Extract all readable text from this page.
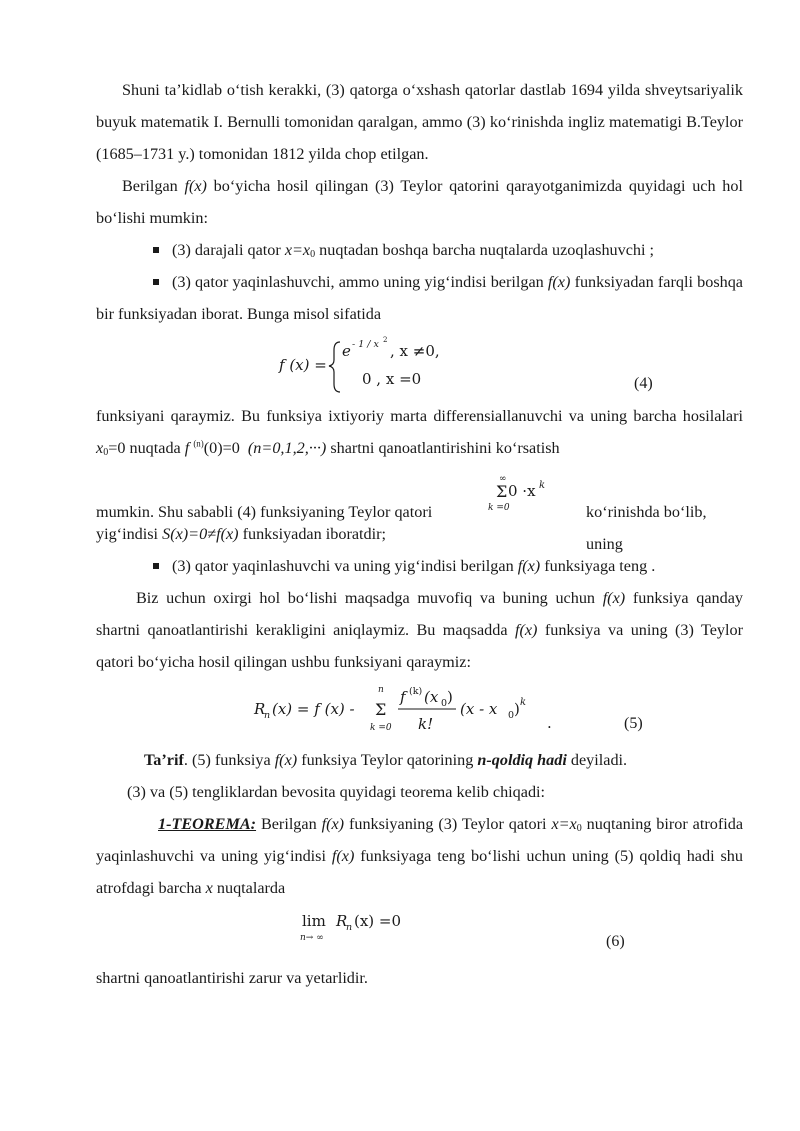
Shuni ta’kidlab o‘tish kerakki, (3) qatorga o‘xshash qatorlar dastlab 1694 yilda shveytsariyalik buyuk matematik I. Bernulli tomonidan qaralgan, ammo (3) ko‘rinishda ingliz matematigi B.Teylor (1685–1731 y.) tomonidan 1812 yilda chop etilgan.

Berilgan f(x) bo‘yicha hosil qilingan (3) Teylor qatorini qarayotganimizda quyidagi uch hol bo‘lishi mumkin:

(3) darajali qator $x=x_0$ nuqtadan boshqa barcha nuqtalarda uzoqlashuvchi ;

(3) qator yaqinlashuvchi, ammo uning yig‘indisi berilgan f(x) funksiyadan farqli boshqa bir funksiyadan iborat. Bunga misol sifatida

f (x) =
e - 1 / x 2
, x ≠0,
0 , x =0	(4)

funksiyani qaraymiz. Bu funksiya ixtiyoriy marta differensiallanuvchi va uning barcha hosilalari $x_0=0$ nuqtada f $^{(n)}$(0)=0 (n=0,1,2,···) shartni qanoatlantirishini ko‘rsatish

mumkin. Shu sababli (4) funksiyaning Teylor qatori
∞
Σ 0 ·x k
k =0	ko‘rinishda bo‘lib, uning

yig‘indisi S(x)=0≠f(x) funksiyadan iboratdir;

(3) qator yaqinlashuvchi va uning yig‘indisi berilgan f(x) funksiyaga teng .

Biz uchun oxirgi hol bo‘lishi maqsadga muvofiq va buning uchun f(x) funksiya qanday shartni qanoatlantirishi kerakligini aniqlaymiz. Bu maqsadda f(x) funksiya va uning (3) Teylor qatori bo‘yicha hosil qilingan ushbu funksiyani qaraymiz:

R
n (x) = f (x) -
n
Σ
k =0
f (k) (x 0 )
k!
(x - x 0 ) k
.	(5)

Ta’rif. (5) funksiya f(x) funksiya Teylor qatorining n-qoldiq hadi deyiladi.

(3) va (5) tengliklardan bevosita quyidagi teorema kelib chiqadi:

1-TEOREMA: Berilgan f(x) funksiyaning (3) Teylor qatori $x=x_0$ nuqtaning biror atrofida yaqinlashuvchi va uning yig‘indisi f(x) funksiyaga teng bo‘lishi uchun uning (5) qoldiq hadi shu atrofdagi barcha x nuqtalarda

lim
n→ ∞
R
n (x) =0
(6)

shartni qanoatlantirishi zarur va yetarlidir.
